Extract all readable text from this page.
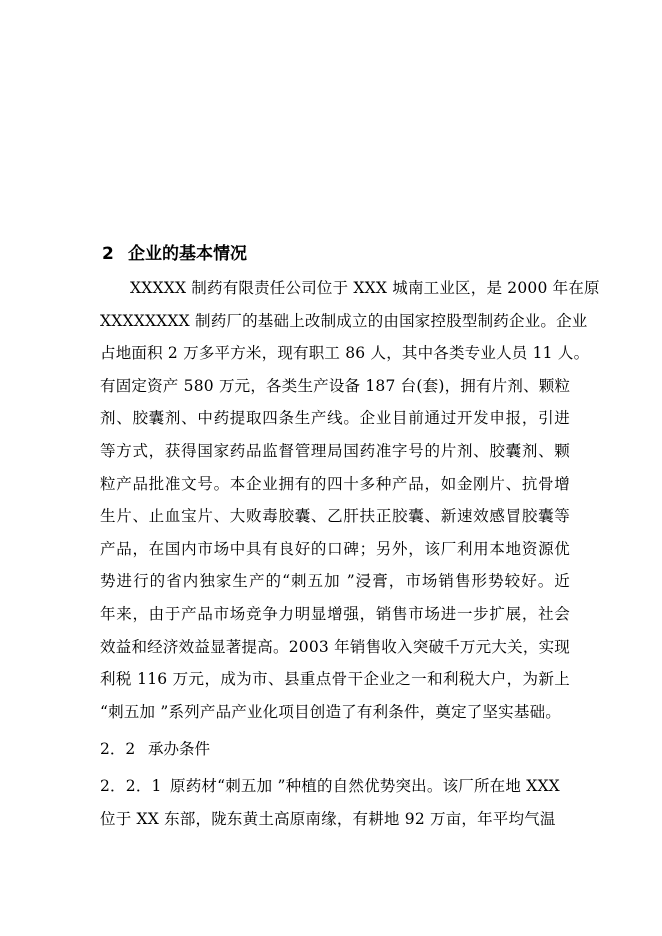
2 企业的基本情况
XXXXX 制药有限责任公司位于 XXX 城南工业区，是 2000 年在原
XXXXXXXX 制药厂的基础上改制成立的由国家控股型制药企业。企业
占地面积 2 万多平方米，现有职工 86 人，其中各类专业人员 11 人。
有固定资产 580 万元，各类生产设备 187 台(套)，拥有片剂、颗粒
剂、胶囊剂、中药提取四条生产线。企业目前通过开发申报，引进
等方式，获得国家药品监督管理局国药准字号的片剂、胶囊剂、颗
粒产品批准文号。本企业拥有的四十多种产品，如金刚片、抗骨增
生片、止血宝片、大败毒胶囊、乙肝扶正胶囊、新速效感冒胶囊等
产品，在国内市场中具有良好的口碑；另外，该厂利用本地资源优
势进行的省内独家生产的“刺五加 ”浸膏，市场销售形势较好。近
年来，由于产品市场竞争力明显增强，销售市场进一步扩展，社会
效益和经济效益显著提高。2003 年销售收入突破千万元大关，实现
利税 116 万元，成为市、县重点骨干企业之一和利税大户，为新上
“刺五加 ”系列产品产业化项目创造了有利条件，奠定了坚实基础。
2．2 承办条件
2．2．1 原药材“刺五加 ”种植的自然优势突出。该厂所在地 XXX
位于 XX 东部，陇东黄土高原南缘，有耕地 92 万亩，年平均气温
